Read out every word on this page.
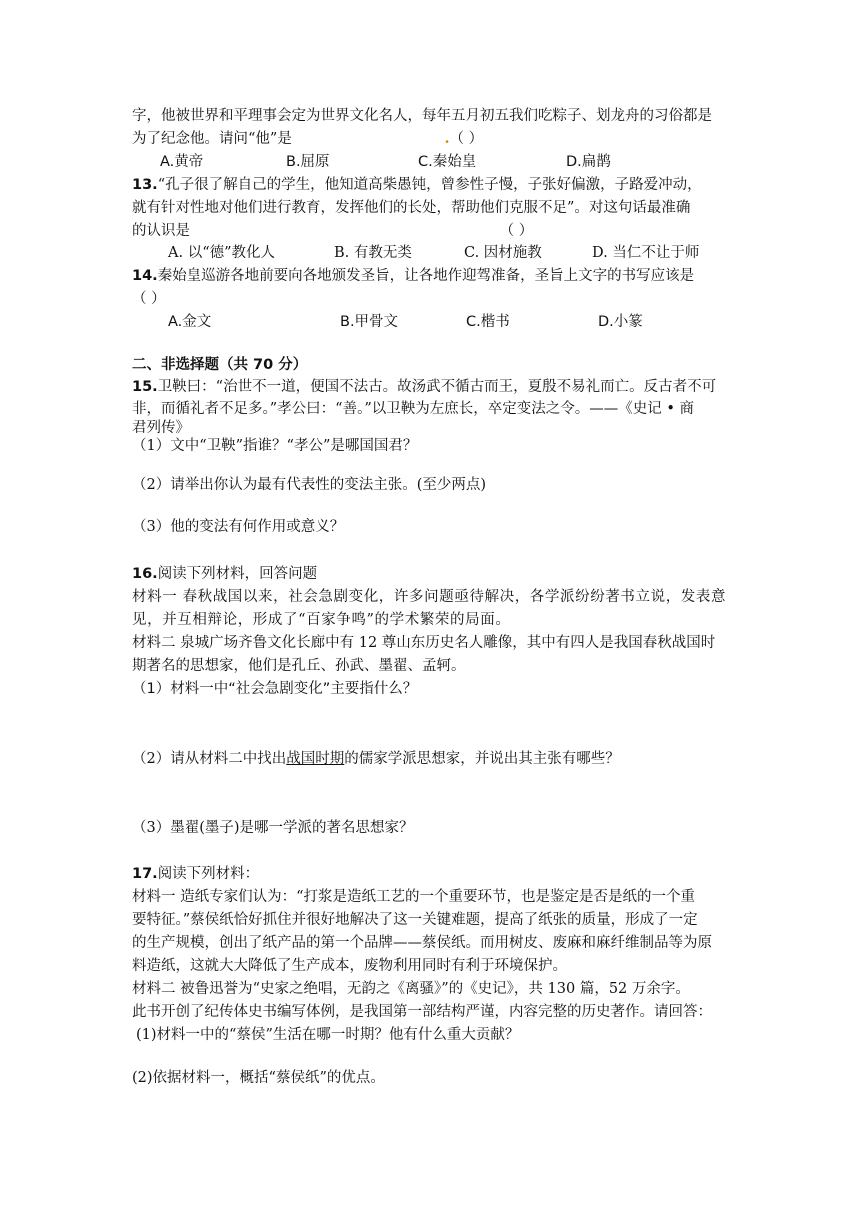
字，他被世界和平理事会定为世界文化名人，每年五月初五我们吃粽子、划龙舟的习俗都是
为了纪念他。请问“他”是	.（ ）
A.黄帝	B.屈原	C.秦始皇	D.扁鹊
13.“孔子很了解自己的学生，他知道高柴愚钝，曾参性子慢，子张好偏激，子路爱冲动，
就有针对性地对他们进行教育，发挥他们的长处，帮助他们克服不足”。对这句话最准确
的认识是	（ ）
A. 以“德”教化人	B. 有教无类	C. 因材施教	D. 当仁不让于师
14.秦始皇巡游各地前要向各地颁发圣旨，让各地作迎驾准备，圣旨上文字的书写应该是
（ ）
A.金文	B.甲骨文	C.楷书	D.小篆
二、非选择题（共 70 分）
15.卫鞅曰：“治世不一道，便国不法古。故汤武不循古而王，夏殷不易礼而亡。反古者不可
非，而循礼者不足多。”孝公曰：“善。”以卫鞅为左庶长，卒定变法之令。——《史记 • 商
君列传》
（1）文中“卫鞅”指谁？“孝公”是哪国国君？
（2）请举出你认为最有代表性的变法主张。(至少两点)
（3）他的变法有何作用或意义？
16.阅读下列材料，回答问题
材料一 春秋战国以来，社会急剧变化，许多问题亟待解决，各学派纷纷著书立说，发表意
见，并互相辩论，形成了“百家争鸣”的学术繁荣的局面。
材料二 泉城广场齐鲁文化长廊中有 12 尊山东历史名人雕像，其中有四人是我国春秋战国时
期著名的思想家，他们是孔丘、孙武、墨翟、孟轲。
（1）材料一中“社会急剧变化”主要指什么？
（2）请从材料二中找出战国时期的儒家学派思想家，并说出其主张有哪些？
（3）墨翟(墨子)是哪一学派的著名思想家？
17.阅读下列材料：
材料一 造纸专家们认为：“打浆是造纸工艺的一个重要环节，也是鉴定是否是纸的一个重
要特征。”蔡侯纸恰好抓住并很好地解决了这一关键难题，提高了纸张的质量，形成了一定
的生产规模，创出了纸产品的第一个品牌——蔡侯纸。而用树皮、废麻和麻纤维制品等为原
料造纸，这就大大降低了生产成本，废物利用同时有利于环境保护。
材料二 被鲁迅誉为“史家之绝唱，无韵之《离骚》”的《史记》，共 130 篇，52 万余字。
此书开创了纪传体史书编写体例，是我国第一部结构严谨，内容完整的历史著作。请回答：
(1)材料一中的“蔡侯”生活在哪一时期？他有什么重大贡献？
(2)依据材料一，概括“蔡侯纸”的优点。
